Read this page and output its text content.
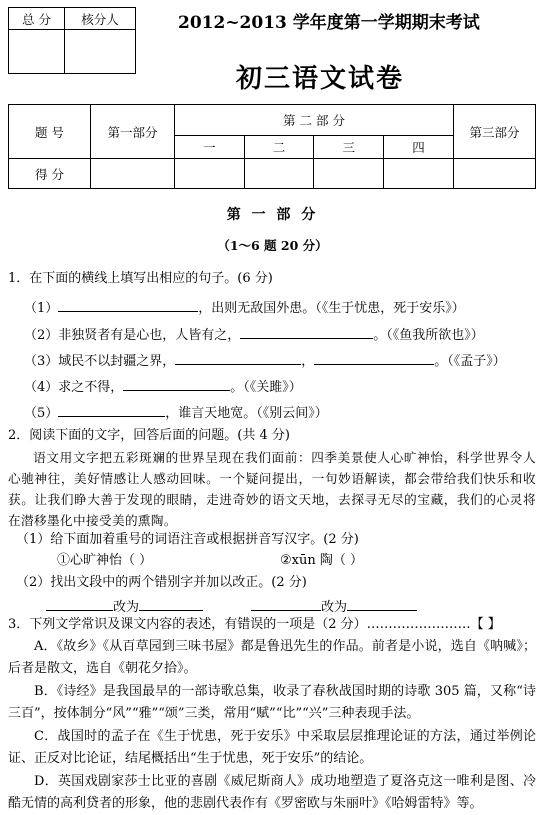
总 分	核分人
		2012~2013 学年度第一学期期末考试
初三语文试卷
题 号	第一部分	第 二 部 分				第三部分
		一	二	三	四	
得 分						
第 一 部 分
（1～6 题 20 分）
1．在下面的横线上填写出相应的句子。(6 分)
（1）	，出则无敌国外患。（《生于忧患，死于安乐》）
（2）非独贤者有是心也，人皆有之，	。（《鱼我所欲也》）
（3）域民不以封疆之界，	，	。（《孟子》）
（4）求之不得，	。（《关雎》）
（5）	，谁言天地宽。（《别云间》）
2．阅读下面的文字，回答后面的问题。(共 4 分)
语文用文字把五彩斑斓的世界呈现在我们面前：四季美景使人心旷神怡，科学世界令人心驰神往，美好情感让人感动回味。一个疑问提出，一句妙语解读，都会带给我们快乐和收获。让我们睁大善于发现的眼睛，走进奇妙的语文天地，去探寻无尽的宝藏，我们的心灵将在潜移墨化中接受美的熏陶。
（1）给下面加着重号的词语注音或根据拼音写汉字。(2 分)
①心旷神怡（ ）	②xūn 陶（ ）
（2）找出文段中的两个错别字并加以改正。(2 分)
改为	改为
3．下列文学常识及课文内容的表述，有错误的一项是（2 分）……………………【 】
A．《故乡》《从百草园到三味书屋》都是鲁迅先生的作品。前者是小说，选自《呐喊》；后者是散文，选自《朝花夕拾》。
B．《诗经》是我国最早的一部诗歌总集，收录了春秋战国时期的诗歌 305 篇，又称“诗三百”，按体制分“风”“雅”“颂”三类，常用“赋”“比”“兴”三种表现手法。
C．战国时的孟子在《生于忧患，死于安乐》中采取层层推理论证的方法，通过举例论证、正反对比论证，结尾概括出“生于忧患，死于安乐”的结论。
D．英国戏剧家莎士比亚的喜剧《威尼斯商人》成功地塑造了夏洛克这一唯利是图、冷酷无情的高利贷者的形象，他的悲剧代表作有《罗密欧与朱丽叶》《哈姆雷特》等。
